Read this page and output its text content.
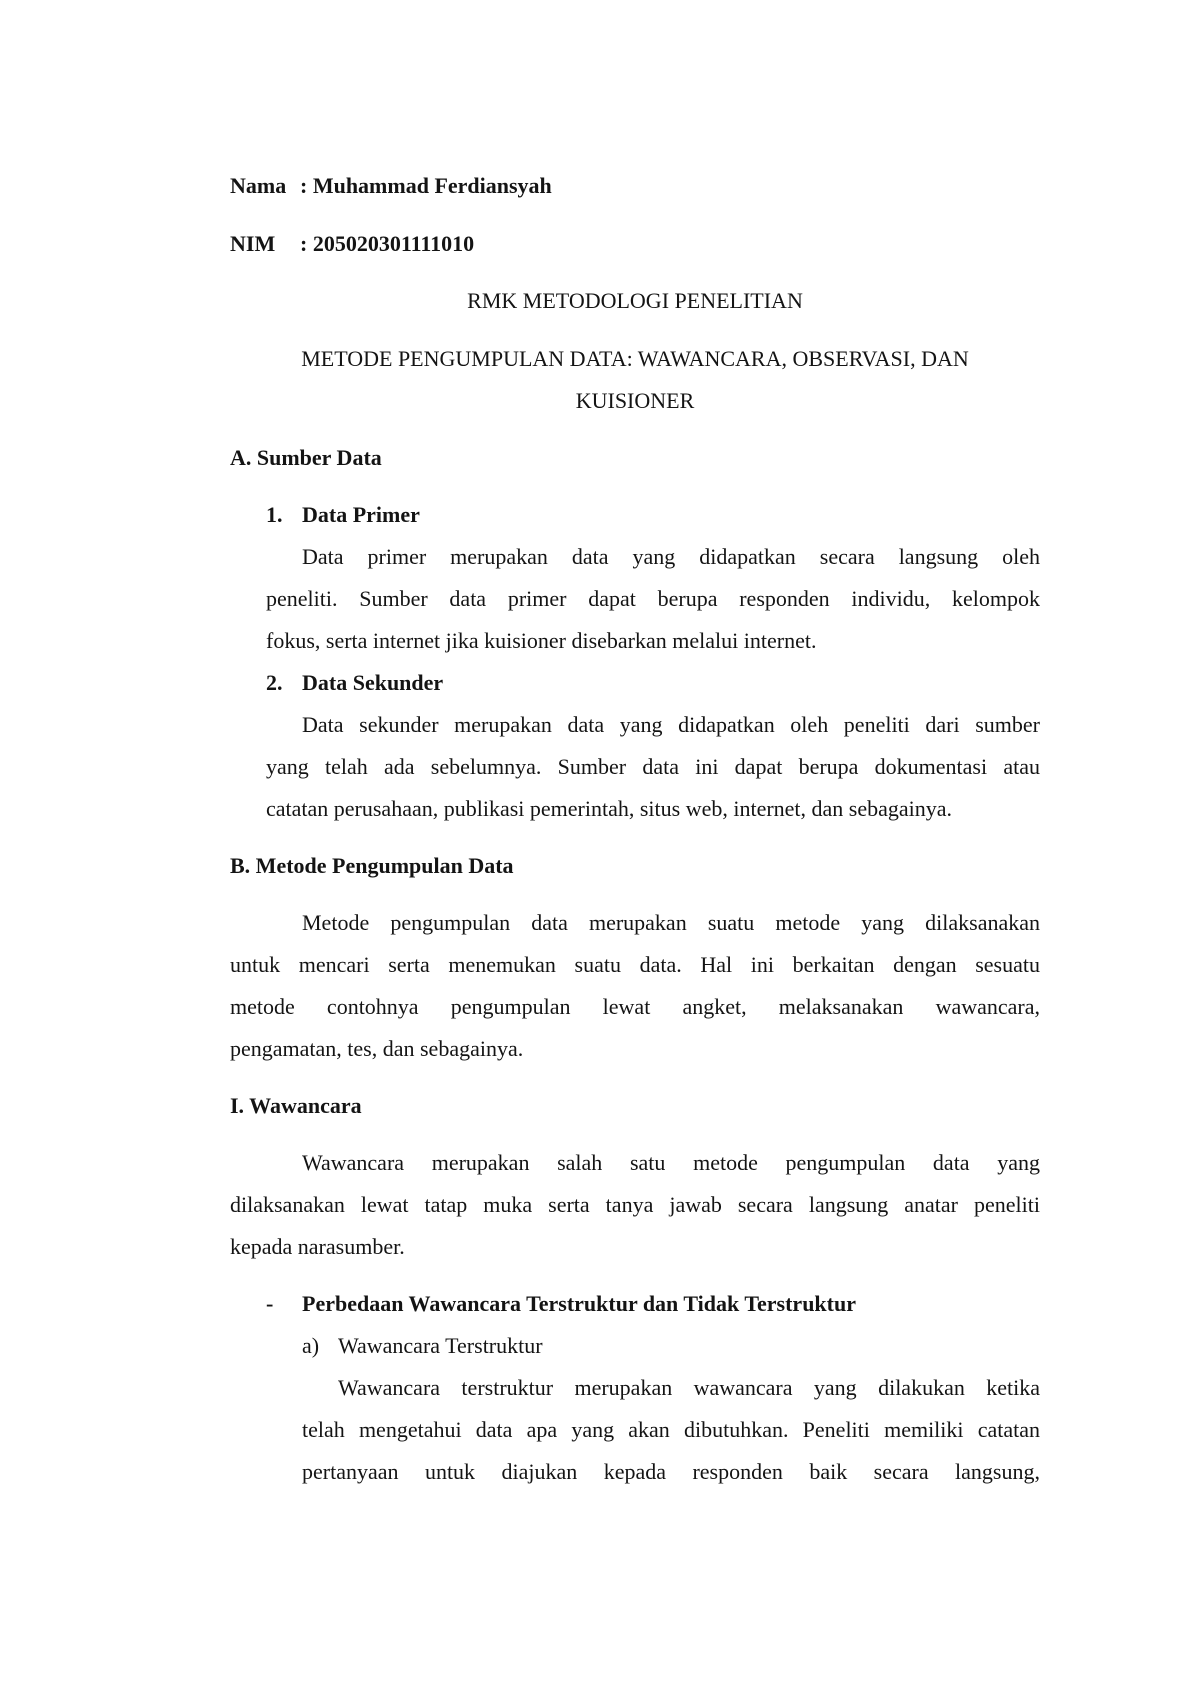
Nama : Muhammad Ferdiansyah

NIM : 205020301111010

RMK METODOLOGI PENELITIAN

METODE PENGUMPULAN DATA: WAWANCARA, OBSERVASI, DAN

KUISIONER

A. Sumber Data

1. Data Primer

Data primer merupakan data yang didapatkan secara langsung oleh

peneliti. Sumber data primer dapat berupa responden individu, kelompok

fokus, serta internet jika kuisioner disebarkan melalui internet.

2. Data Sekunder

Data sekunder merupakan data yang didapatkan oleh peneliti dari sumber

yang telah ada sebelumnya. Sumber data ini dapat berupa dokumentasi atau

catatan perusahaan, publikasi pemerintah, situs web, internet, dan sebagainya.

B. Metode Pengumpulan Data

Metode pengumpulan data merupakan suatu metode yang dilaksanakan

untuk mencari serta menemukan suatu data. Hal ini berkaitan dengan sesuatu

metode contohnya pengumpulan lewat angket, melaksanakan wawancara,

pengamatan, tes, dan sebagainya.

I. Wawancara

Wawancara merupakan salah satu metode pengumpulan data yang

dilaksanakan lewat tatap muka serta tanya jawab secara langsung anatar peneliti

kepada narasumber.

- Perbedaan Wawancara Terstruktur dan Tidak Terstruktur

a) Wawancara Terstruktur

Wawancara terstruktur merupakan wawancara yang dilakukan ketika

telah mengetahui data apa yang akan dibutuhkan. Peneliti memiliki catatan

pertanyaan untuk diajukan kepada responden baik secara langsung,
